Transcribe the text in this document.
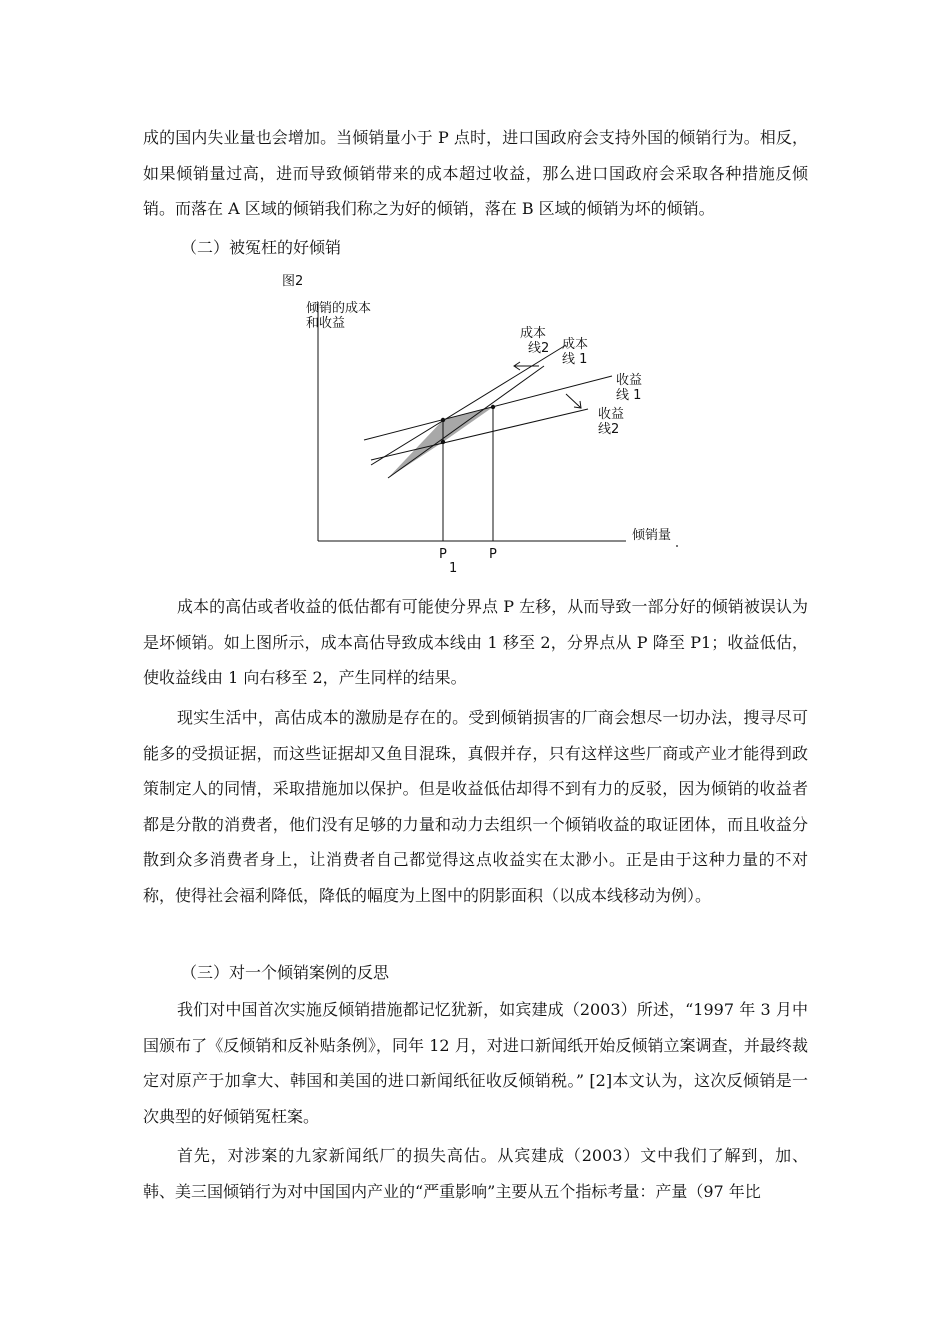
成的国内失业量也会增加。当倾销量小于 P 点时，进口国政府会支持外国的倾销行为。相反，如果倾销量过高，进而导致倾销带来的成本超过收益，那么进口国政府会采取各种措施反倾销。而落在 A 区域的倾销我们称之为好的倾销，落在 B 区域的倾销为坏的倾销。

（二）被冤枉的好倾销

图2
倾销的成本
和收益
倾销量
成本
线2 成本
线 1
收益
线 1
收益
线2
P
1
P

成本的高估或者收益的低估都有可能使分界点 P 左移，从而导致一部分好的倾销被误认为是坏倾销。如上图所示，成本高估导致成本线由 1 移至 2，分界点从 P 降至 P1；收益低估，使收益线由 1 向右移至 2，产生同样的结果。

现实生活中，高估成本的激励是存在的。受到倾销损害的厂商会想尽一切办法，搜寻尽可能多的受损证据，而这些证据却又鱼目混珠，真假并存，只有这样这些厂商或产业才能得到政策制定人的同情，采取措施加以保护。但是收益低估却得不到有力的反驳，因为倾销的收益者都是分散的消费者，他们没有足够的力量和动力去组织一个倾销收益的取证团体，而且收益分散到众多消费者身上，让消费者自己都觉得这点收益实在太渺小。正是由于这种力量的不对称，使得社会福利降低，降低的幅度为上图中的阴影面积（以成本线移动为例）。

（三）对一个倾销案例的反思

我们对中国首次实施反倾销措施都记忆犹新，如宾建成（2003）所述，“1997 年 3 月中国颁布了《反倾销和反补贴条例》，同年 12 月，对进口新闻纸开始反倾销立案调查，并最终裁定对原产于加拿大、韩国和美国的进口新闻纸征收反倾销税。” [2]本文认为，这次反倾销是一次典型的好倾销冤枉案。

首先，对涉案的九家新闻纸厂的损失高估。从宾建成（2003）文中我们了解到，加、韩、美三国倾销行为对中国国内产业的“严重影响”主要从五个指标考量：产量（97 年比
